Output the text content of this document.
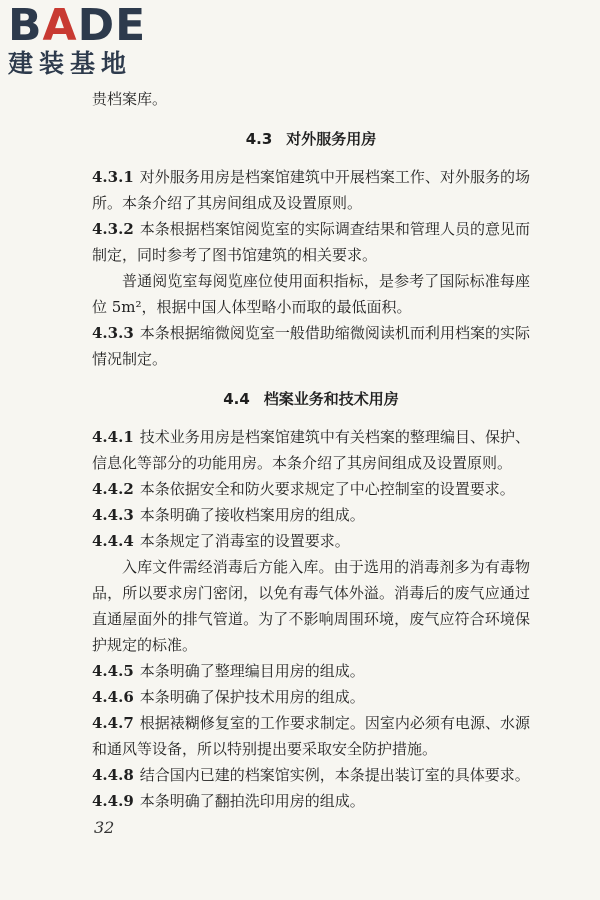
BADE
建装基地

贵档案库。

4.3 对外服务用房

4.3.1 对外服务用房是档案馆建筑中开展档案工作、对外服务的场所。本条介绍了其房间组成及设置原则。

4.3.2 本条根据档案馆阅览室的实际调查结果和管理人员的意见而制定，同时参考了图书馆建筑的相关要求。

普通阅览室每阅览座位使用面积指标，是参考了国际标准每座位 5m²，根据中国人体型略小而取的最低面积。

4.3.3 本条根据缩微阅览室一般借助缩微阅读机而利用档案的实际情况制定。

4.4 档案业务和技术用房

4.4.1 技术业务用房是档案馆建筑中有关档案的整理编目、保护、信息化等部分的功能用房。本条介绍了其房间组成及设置原则。

4.4.2 本条依据安全和防火要求规定了中心控制室的设置要求。

4.4.3 本条明确了接收档案用房的组成。

4.4.4 本条规定了消毒室的设置要求。

入库文件需经消毒后方能入库。由于选用的消毒剂多为有毒物品，所以要求房门密闭，以免有毒气体外溢。消毒后的废气应通过直通屋面外的排气管道。为了不影响周围环境，废气应符合环境保护规定的标准。

4.4.5 本条明确了整理编目用房的组成。

4.4.6 本条明确了保护技术用房的组成。

4.4.7 根据裱糊修复室的工作要求制定。因室内必须有电源、水源和通风等设备，所以特别提出要采取安全防护措施。

4.4.8 结合国内已建的档案馆实例，本条提出装订室的具体要求。

4.4.9 本条明确了翻拍洗印用房的组成。

32
